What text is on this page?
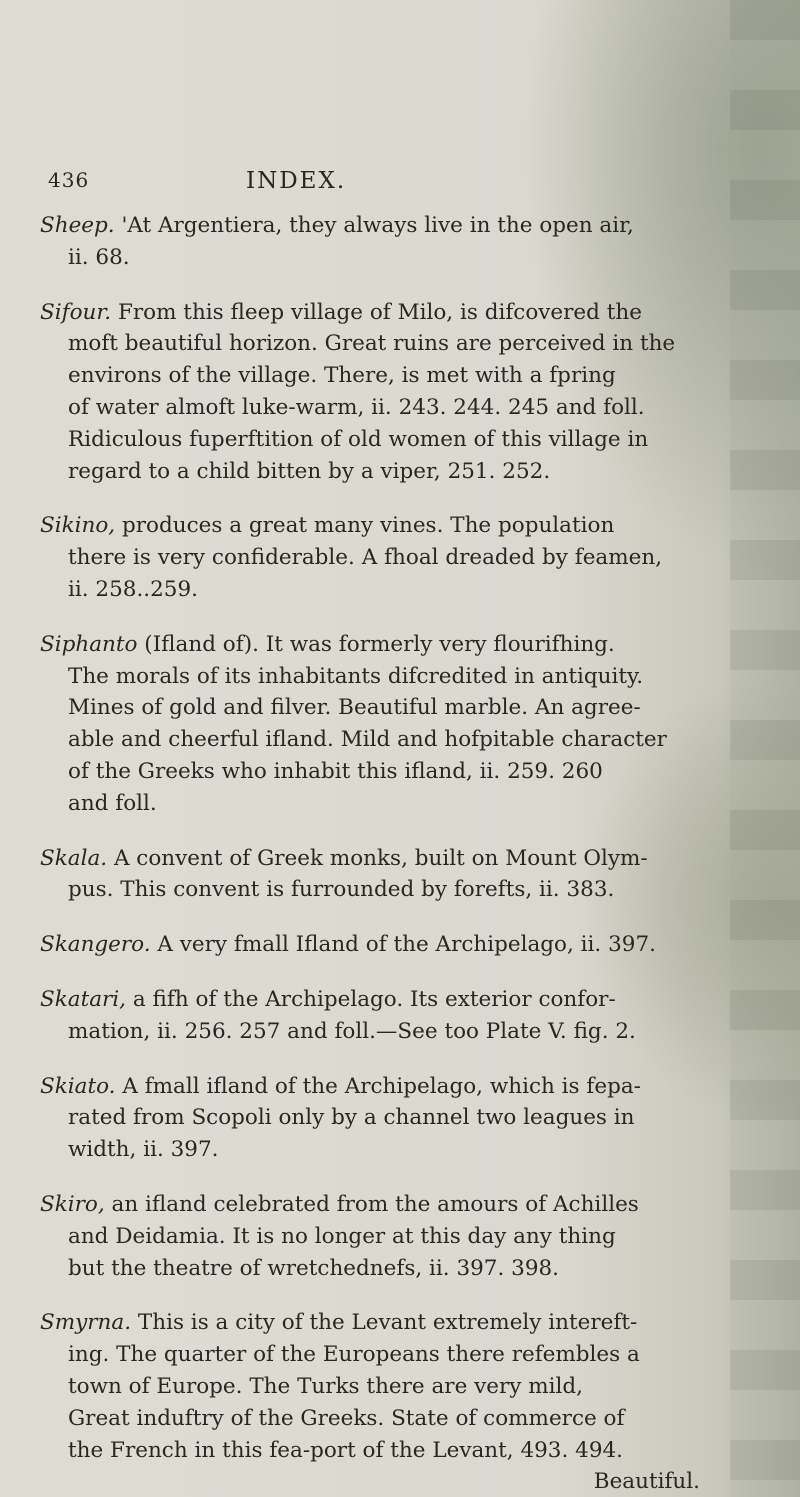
436	INDEX.

Sheep. 'At Argentiera, they always live in the open air,
ii. 68.

Sifour. From this fleep village of Milo, is difcovered the
moft beautiful horizon. Great ruins are perceived in the
environs of the village. There, is met with a fpring
of water almoft luke-warm, ii. 243. 244. 245 and foll.
Ridiculous fuperftition of old women of this village in
regard to a child bitten by a viper, 251. 252.

Sikino, produces a great many vines. The population
there is very confiderable. A fhoal dreaded by feamen,
ii. 258..259.

Siphanto (Ifland of). It was formerly very flourifhing.
The morals of its inhabitants difcredited in antiquity.
Mines of gold and filver. Beautiful marble. An agree-
able and cheerful ifland. Mild and hofpitable character
of the Greeks who inhabit this ifland, ii. 259. 260
and foll.

Skala. A convent of Greek monks, built on Mount Olym-
pus. This convent is furrounded by forefts, ii. 383.

Skangero. A very fmall Ifland of the Archipelago, ii. 397.

Skatari, a fifh of the Archipelago. Its exterior confor-
mation, ii. 256. 257 and foll.—See too Plate V. fig. 2.

Skiato. A fmall ifland of the Archipelago, which is fepa-
rated from Scopoli only by a channel two leagues in
width, ii. 397.

Skiro, an ifland celebrated from the amours of Achilles
and Deidamia. It is no longer at this day any thing
but the theatre of wretchednefs, ii. 397. 398.

Smyrna. This is a city of the Levant extremely intereft-
ing. The quarter of the Europeans there refembles a
town of Europe. The Turks there are very mild,
Great induftry of the Greeks. State of commerce of
the French in this fea-port of the Levant, 493. 494.

Beautiful.
